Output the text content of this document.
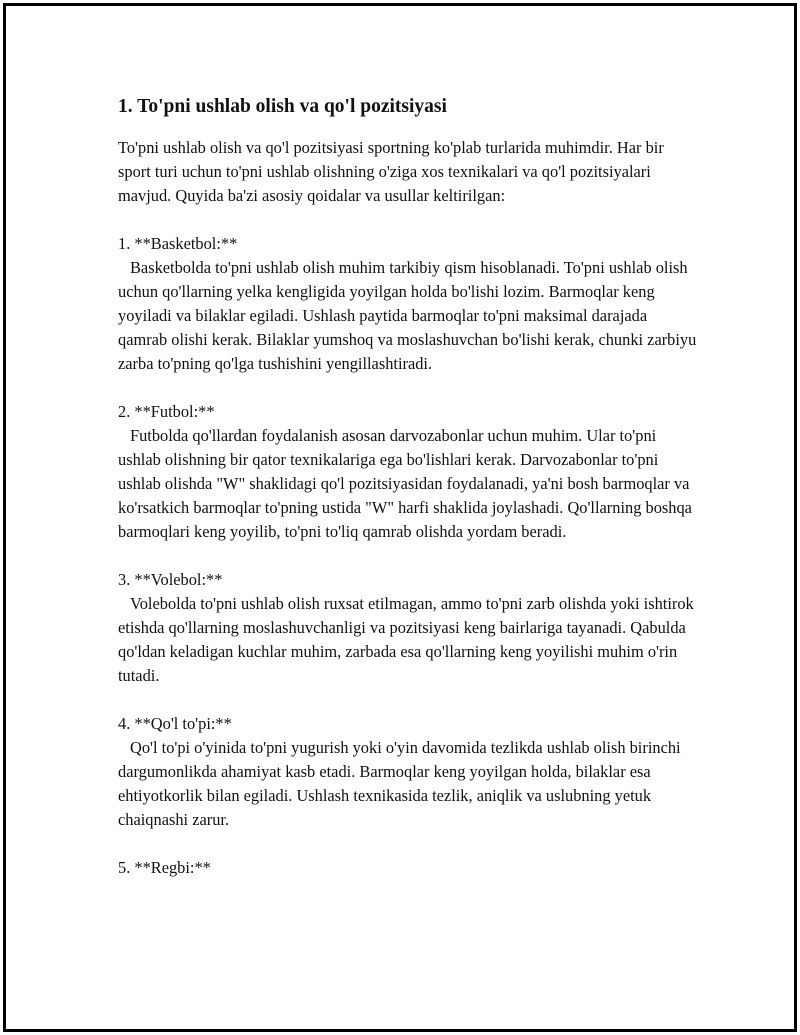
1. To'pni ushlab olish va qo'l pozitsiyasi

To'pni ushlab olish va qo'l pozitsiyasi sportning ko'plab turlarida muhimdir. Har bir sport turi uchun to'pni ushlab olishning o'ziga xos texnikalari va qo'l pozitsiyalari mavjud. Quyida ba'zi asosiy qoidalar va usullar keltirilgan:

1. **Basketbol:**

Basketbolda to'pni ushlab olish muhim tarkibiy qism hisoblanadi. To'pni ushlab olish uchun qo'llarning yelka kengligida yoyilgan holda bo'lishi lozim. Barmoqlar keng yoyiladi va bilaklar egiladi. Ushlash paytida barmoqlar to'pni maksimal darajada qamrab olishi kerak. Bilaklar yumshoq va moslashuvchan bo'lishi kerak, chunki zarbiyu zarba to'pning qo'lga tushishini yengillashtiradi.

2. **Futbol:**

Futbolda qo'llardan foydalanish asosan darvozabonlar uchun muhim. Ular to'pni ushlab olishning bir qator texnikalariga ega bo'lishlari kerak. Darvozabonlar to'pni ushlab olishda "W" shaklidagi qo'l pozitsiyasidan foydalanadi, ya'ni bosh barmoqlar va ko'rsatkich barmoqlar to'pning ustida "W" harfi shaklida joylashadi. Qo'llarning boshqa barmoqlari keng yoyilib, to'pni to'liq qamrab olishda yordam beradi.

3. **Volebol:**

Volebolda to'pni ushlab olish ruxsat etilmagan, ammo to'pni zarb olishda yoki ishtirok etishda qo'llarning moslashuvchanligi va pozitsiyasi keng bairlariga tayanadi. Qabulda qo'ldan keladigan kuchlar muhim, zarbada esa qo'llarning keng yoyilishi muhim o'rin tutadi.

4. **Qo'l to'pi:**

Qo'l to'pi o'yinida to'pni yugurish yoki o'yin davomida tezlikda ushlab olish birinchi dargumonlikda ahamiyat kasb etadi. Barmoqlar keng yoyilgan holda, bilaklar esa ehtiyotkorlik bilan egiladi. Ushlash texnikasida tezlik, aniqlik va uslubning yetuk chaiqnashi zarur.

5. **Regbi:**
